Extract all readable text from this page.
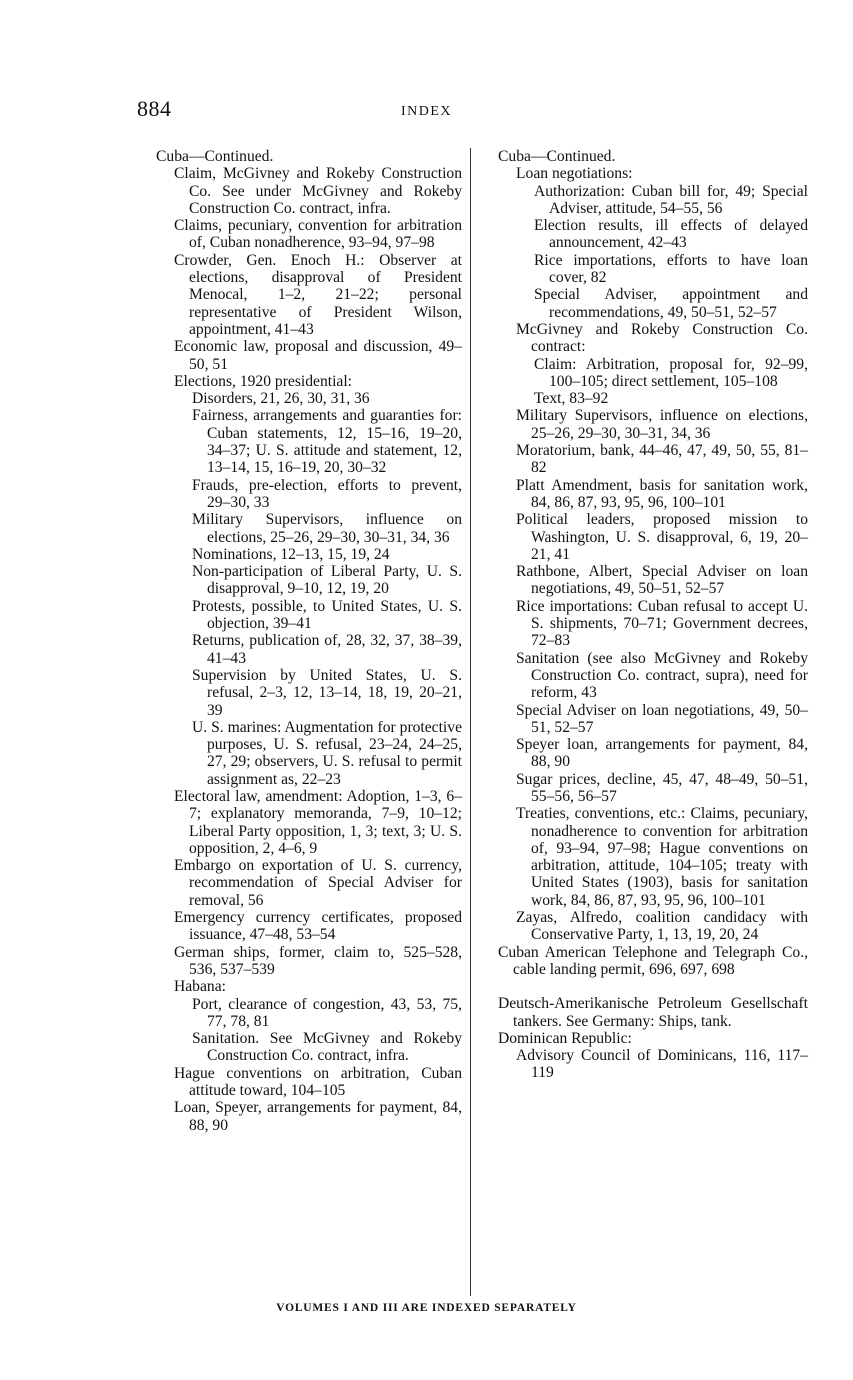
884	INDEX

Cuba—Continued.

Claim, McGivney and Rokeby Construction Co. See under McGivney and Rokeby Construction Co. contract, infra.

Claims, pecuniary, convention for arbitration of, Cuban nonadherence, 93–94, 97–98

Crowder, Gen. Enoch H.: Observer at elections, disapproval of President Menocal, 1–2, 21–22; personal representative of President Wilson, appointment, 41–43

Economic law, proposal and discussion, 49–50, 51

Elections, 1920 presidential:

Disorders, 21, 26, 30, 31, 36

Fairness, arrangements and guaranties for: Cuban statements, 12, 15–16, 19–20, 34–37; U. S. attitude and statement, 12, 13–14, 15, 16–19, 20, 30–32

Frauds, pre-election, efforts to prevent, 29–30, 33

Military Supervisors, influence on elections, 25–26, 29–30, 30–31, 34, 36

Nominations, 12–13, 15, 19, 24

Non-participation of Liberal Party, U. S. disapproval, 9–10, 12, 19, 20

Protests, possible, to United States, U. S. objection, 39–41

Returns, publication of, 28, 32, 37, 38–39, 41–43

Supervision by United States, U. S. refusal, 2–3, 12, 13–14, 18, 19, 20–21, 39

U. S. marines: Augmentation for protective purposes, U. S. refusal, 23–24, 24–25, 27, 29; observers, U. S. refusal to permit assignment as, 22–23

Electoral law, amendment: Adoption, 1–3, 6–7; explanatory memoranda, 7–9, 10–12; Liberal Party opposition, 1, 3; text, 3; U. S. opposition, 2, 4–6, 9

Embargo on exportation of U. S. currency, recommendation of Special Adviser for removal, 56

Emergency currency certificates, proposed issuance, 47–48, 53–54

German ships, former, claim to, 525–528, 536, 537–539

Habana:

Port, clearance of congestion, 43, 53, 75, 77, 78, 81

Sanitation. See McGivney and Rokeby Construction Co. contract, infra.

Hague conventions on arbitration, Cuban attitude toward, 104–105

Loan, Speyer, arrangements for payment, 84, 88, 90

Cuba—Continued.

Loan negotiations:

Authorization: Cuban bill for, 49; Special Adviser, attitude, 54–55, 56

Election results, ill effects of delayed announcement, 42–43

Rice importations, efforts to have loan cover, 82

Special Adviser, appointment and recommendations, 49, 50–51, 52–57

McGivney and Rokeby Construction Co. contract:

Claim: Arbitration, proposal for, 92–99, 100–105; direct settlement, 105–108

Text, 83–92

Military Supervisors, influence on elections, 25–26, 29–30, 30–31, 34, 36

Moratorium, bank, 44–46, 47, 49, 50, 55, 81–82

Platt Amendment, basis for sanitation work, 84, 86, 87, 93, 95, 96, 100–101

Political leaders, proposed mission to Washington, U. S. disapproval, 6, 19, 20–21, 41

Rathbone, Albert, Special Adviser on loan negotiations, 49, 50–51, 52–57

Rice importations: Cuban refusal to accept U. S. shipments, 70–71; Government decrees, 72–83

Sanitation (see also McGivney and Rokeby Construction Co. contract, supra), need for reform, 43

Special Adviser on loan negotiations, 49, 50–51, 52–57

Speyer loan, arrangements for payment, 84, 88, 90

Sugar prices, decline, 45, 47, 48–49, 50–51, 55–56, 56–57

Treaties, conventions, etc.: Claims, pecuniary, nonadherence to convention for arbitration of, 93–94, 97–98; Hague conventions on arbitration, attitude, 104–105; treaty with United States (1903), basis for sanitation work, 84, 86, 87, 93, 95, 96, 100–101

Zayas, Alfredo, coalition candidacy with Conservative Party, 1, 13, 19, 20, 24

Cuban American Telephone and Telegraph Co., cable landing permit, 696, 697, 698

Deutsch-Amerikanische Petroleum Gesellschaft tankers. See Germany: Ships, tank.

Dominican Republic:

Advisory Council of Dominicans, 116, 117–119

VOLUMES I AND III ARE INDEXED SEPARATELY
